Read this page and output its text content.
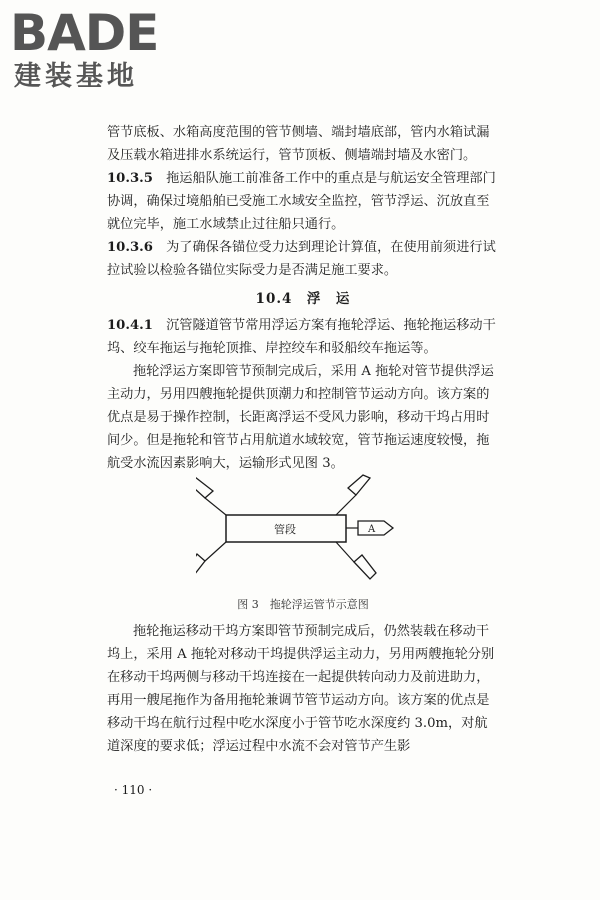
BADE

建装基地

管节底板、水箱高度范围的管节侧墙、端封墙底部，管内水箱试漏及压载水箱进排水系统运行，管节顶板、侧墙端封墙及水密门。

10.3.5　 拖运船队施工前准备工作中的重点是与航运安全管理部门协调，确保过境船舶已受施工水域安全监控，管节浮运、沉放直至就位完毕，施工水域禁止过往船只通行。

10.3.6　 为了确保各锚位受力达到理论计算值，在使用前须进行试拉试验以检验各锚位实际受力是否满足施工要求。

10.4　浮　运

10.4.1　 沉管隧道管节常用浮运方案有拖轮浮运、拖轮拖运移动干坞、绞车拖运与拖轮顶推、岸控绞车和驳船绞车拖运等。

拖轮浮运方案即管节预制完成后，采用 A 拖轮对管节提供浮运主动力，另用四艘拖轮提供顶潮力和控制管节运动方向。该方案的优点是易于操作控制，长距离浮运不受风力影响，移动干坞占用时间少。但是拖轮和管节占用航道水域较宽，管节拖运速度较慢，拖航受水流因素影响大，运输形式见图 3。

管段	A

图 3　拖轮浮运管节示意图

拖轮拖运移动干坞方案即管节预制完成后，仍然装载在移动干坞上，采用 A 拖轮对移动干坞提供浮运主动力，另用两艘拖轮分别在移动干坞两侧与移动干坞连接在一起提供转向动力及前进助力，再用一艘尾拖作为备用拖轮兼调节管节运动方向。该方案的优点是移动干坞在航行过程中吃水深度小于管节吃水深度约 3.0m，对航道深度的要求低；浮运过程中水流不会对管节产生影

· 110 ·
